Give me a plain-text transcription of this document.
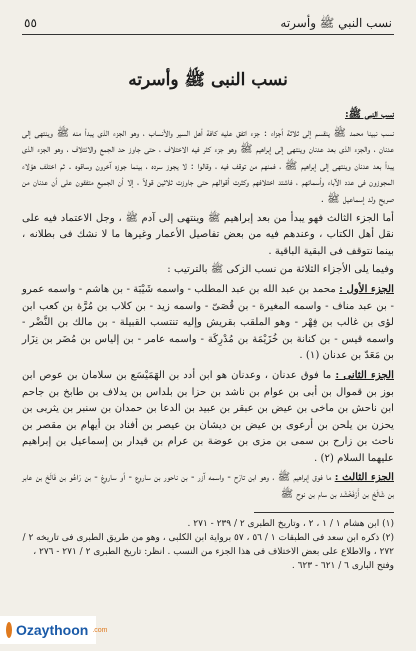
نسب النبي ﷺ وأسرته
٥٥
نسب النبى ﷺ وأسرته

نسب النبى ﷺ:

نسب نبينا محمد ﷺ ينقسم إلى ثلاثة أجزاء : جزء اتفق عليه كافة أهل السير والأنساب ، وهو الجزء الذى يبدأ منه ﷺ وينتهى إلى عدنان ، والجزء الذى بعد عدنان وينتهى إلى إبراهيم ﷺ وهو جزء كثر فيه الاختلاف ، حتى جاوز حد الجمع والائتلاف ، وهو الجزء الذى يبدأ بعد عدنان وينتهى إلى إبراهيم ﷺ ، فمنهم من توقف فيه ، وقالوا : لا يجوز سرده ، بينما جوزه آخرون وساقوه . ثم اختلف هؤلاء المجوزون فى عدد الآباء وأسمائهم ، فاشتد اختلافهم وكثرت أقوالهم حتى جاوزت ثلاثين قولاً ، إلا أن الجميع متفقون على أن عدنان من صريح ولد إسماعيل ﷺ .

أما الجزء الثالث فهو يبدأ من بعد إبراهيم ﷺ وينتهى إلى آدم ﷺ ، وجل الاعتماد فيه على نقل أهل الكتاب ، وعندهم فيه من بعض تفاصيل الأعمار وغيرها ما لا نشك فى بطلانه ، بينما نتوقف فى البقية الباقية .

وفيما يلى الأجزاء الثلاثة من نسب الزكى ﷺ بالترتيب :

الجزء الأول : محمد بن عبد الله بن عبد المطلب - واسمه شَيْبَة - بن هاشم - واسمه عمرو - بن عبد مناف - واسمه المغيرة - بن قُصَىّ - واسمه زيد - بن كلاب بن مُرَّة بن كعب ابن لؤى بن غالب بن فِهْر - وهو الملقب بقريش وإليه تنتسب القبيلة - بن مالك بن النَّضْر - واسمه قيس - بن كنانة بن خُزَيْمَة بن مُدْرِكَة - واسمه عامر - بن إلياس بن مُضَر بن نِزَار بن مَعَدّ بن عدنان (١) .

الجزء الثانى : ما فوق عدنان ، وعدنان هو ابن أدد بن الهَمَيْسَع بن سلامان بن عوص ابن بوز بن قموال بن أبى بن عوام بن ناشد بن حزا بن بلداس بن يدلاف بن طابخ بن جاحم ابن ناحش بن ماخى بن عيض بن عبقر بن عبيد بن الدعا بن حمدان بن سنبر بن يثربى بن يحزن بن يلحن بن أرعوى بن عيض بن ديشان بن عيصر بن أفناد بن أيهام بن مقصر بن ناحث بن زارح بن سمى بن مزى بن عوضة بن عرام بن قيدار بن إسماعيل بن إبراهيم عليهما السلام (٢) .

الجزء الثالث : ما فوق إبراهيم ﷺ ، وهو ابن تارَح - واسمه آزر - بن ناحور بن ساروع - أو ساروغ - بن رَاعُو بن فَالَخ بن عابر بن شَالَخ بن أَرْفَخْشَد بن سام بن نوح ﷺ

(١) ابن هشام ١ / ١ ، ٢ ، وتاريخ الطبرى ٢ / ٢٣٩ - ٢٧١ .

(٢) ذكره ابن سعد فى الطبقات ١ / ٥٦ ، ٥٧ برواية ابن الكلبى ، وهو من طريق الطبرى فى تاريخه ٢ / ٢٧٢ ، والاطلاع على بعض الاختلاف فى هذا الجزء من النسب . انظر: تاريخ الطبرى ٢ / ٢٧١ - ٢٧٦ ، وفتح البارى ٦ / ٦٢١ - ٦٢٣ .

Ozaythoon .com
